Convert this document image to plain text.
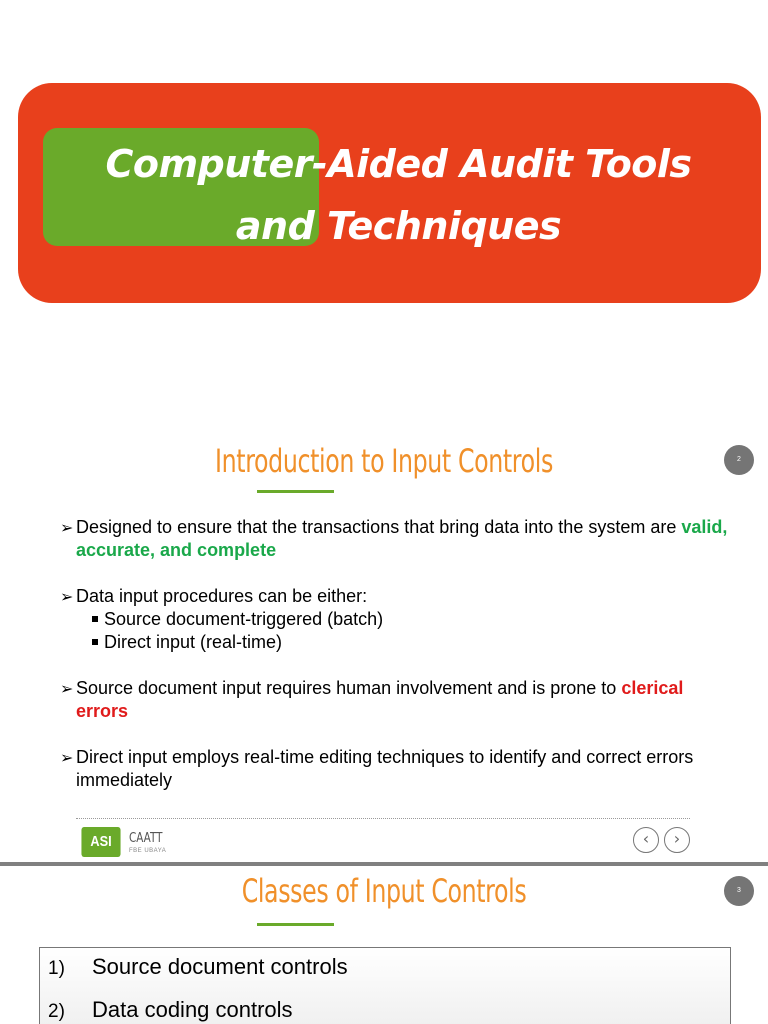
Computer-Aided Audit Tools
and Techniques
Introduction to Input Controls	2
➢ Designed to ensure that the transactions that bring data into the system are valid, accurate, and complete
➢ Data input procedures can be either:
Source document-triggered (batch)
Direct input (real-time)
➢ Source document input requires human involvement and is prone to clerical errors
➢ Direct input employs real-time editing techniques to identify and correct errors immediately
ASI	CAATT
FBE UBAYA
‹	›
Classes of Input Controls	3
1) Source document controls
2) Data coding controls
